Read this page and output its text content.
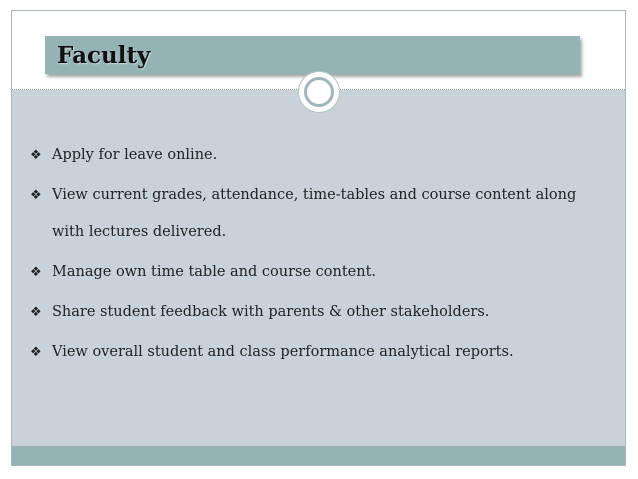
Faculty
❖ Apply for leave online.
❖ View current grades, attendance, time-tables and course content along with lectures delivered.
❖ Manage own time table and course content.
❖ Share student feedback with parents & other stakeholders.
❖ View overall student and class performance analytical reports.
